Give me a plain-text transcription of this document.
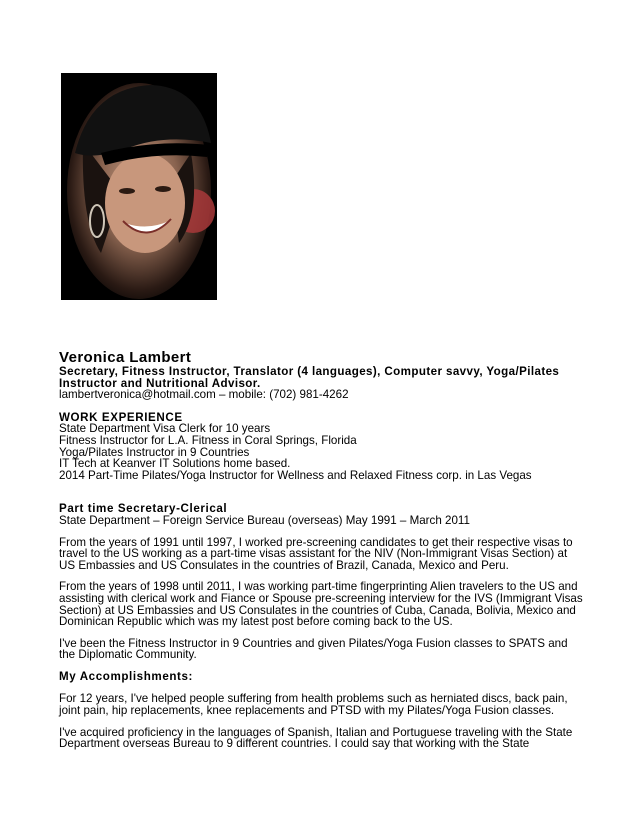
Veronica Lambert

Secretary, Fitness Instructor, Translator (4 languages), Computer savvy, Yoga/Pilates Instructor and Nutritional Advisor.

lambertveronica@hotmail.com – mobile: (702) 981-4262

WORK EXPERIENCE

State Department Visa Clerk for 10 years

Fitness Instructor for L.A. Fitness in Coral Springs, Florida

Yoga/Pilates Instructor in 9 Countries

IT Tech at Keanver IT Solutions home based.

2014 Part-Time Pilates/Yoga Instructor for Wellness and Relaxed Fitness corp. in Las Vegas

Part time Secretary-Clerical

State Department – Foreign Service Bureau (overseas) May 1991 – March 2011

From the years of 1991 until 1997, I worked pre-screening candidates to get their respective visas to travel to the US working as a part-time visas assistant for the NIV (Non-Immigrant Visas Section) at US Embassies and US Consulates in the countries of Brazil, Canada, Mexico and Peru.

From the years of 1998 until 2011, I was working part-time fingerprinting Alien travelers to the US and assisting with clerical work and Fiance or Spouse pre-screening interview for the IVS (Immigrant Visas Section) at US Embassies and US Consulates in the countries of Cuba, Canada, Bolivia, Mexico and Dominican Republic which was my latest post before coming back to the US.

I've been the Fitness Instructor in 9 Countries and given Pilates/Yoga Fusion classes to SPATS and the Diplomatic Community.

My Accomplishments:

For 12 years, I've helped people suffering from health problems such as herniated discs, back pain, joint pain, hip replacements, knee replacements and PTSD with my Pilates/Yoga Fusion classes.

I've acquired proficiency in the languages of Spanish, Italian and Portuguese traveling with the State Department overseas Bureau to 9 different countries. I could say that working with the State
